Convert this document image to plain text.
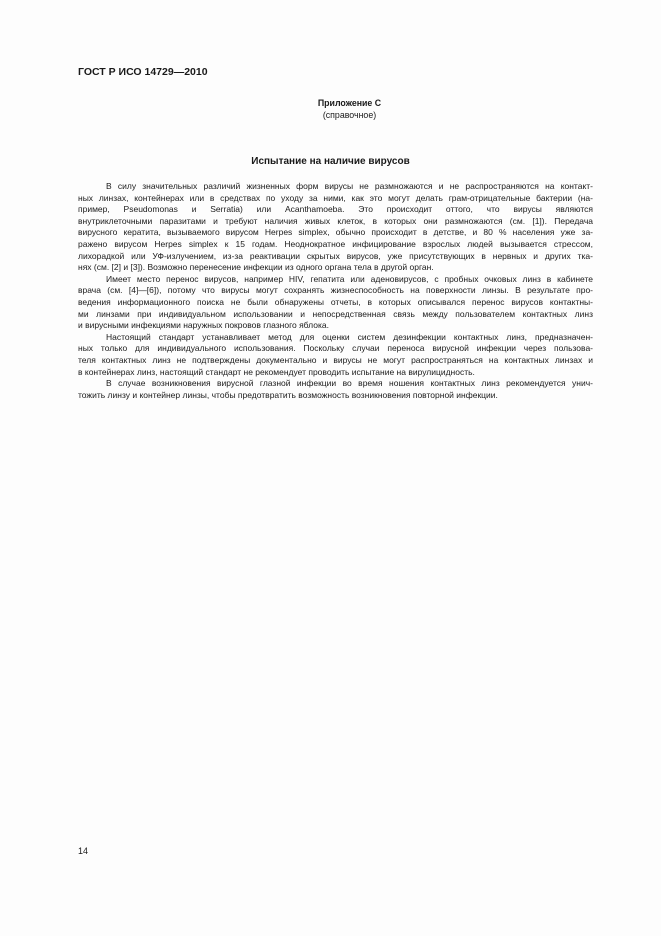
ГОСТ Р ИСО 14729—2010
Приложение С
(справочное)
Испытание на наличие вирусов
В силу значительных различий жизненных форм вирусы не размножаются и не распространяются на контакт-
ных линзах, контейнерах или в средствах по уходу за ними, как это могут делать грам-отрицательные бактерии (на-
пример, Pseudomonas и Serratia) или Acanthamoeba. Это происходит оттого, что вирусы являются
внутриклеточными паразитами и требуют наличия живых клеток, в которых они размножаются (см. [1]). Передача
вирусного кератита, вызываемого вирусом Herpes simplex, обычно происходит в детстве, и 80 % населения уже за-
ражено вирусом Herpes simplex к 15 годам. Неоднократное инфицирование взрослых людей вызывается стрессом,
лихорадкой или УФ-излучением, из-за реактивации скрытых вирусов, уже присутствующих в нервных и других тка-
нях (см. [2] и [3]). Возможно перенесение инфекции из одного органа тела в другой орган.
Имеет место перенос вирусов, например HIV, гепатита или аденовирусов, с пробных очковых линз в кабинете
врача (см. [4]—[6]), потому что вирусы могут сохранять жизнеспособность на поверхности линзы. В результате про-
ведения информационного поиска не были обнаружены отчеты, в которых описывался перенос вирусов контактны-
ми линзами при индивидуальном использовании и непосредственная связь между пользователем контактных линз
и вирусными инфекциями наружных покровов глазного яблока.
Настоящий стандарт устанавливает метод для оценки систем дезинфекции контактных линз, предназначен-
ных только для индивидуального использования. Поскольку случаи переноса вирусной инфекции через пользова-
теля контактных линз не подтверждены документально и вирусы не могут распространяться на контактных линзах и
в контейнерах линз, настоящий стандарт не рекомендует проводить испытание на вирулицидность.
В случае возникновения вирусной глазной инфекции во время ношения контактных линз рекомендуется унич-
тожить линзу и контейнер линзы, чтобы предотвратить возможность возникновения повторной инфекции.
14
